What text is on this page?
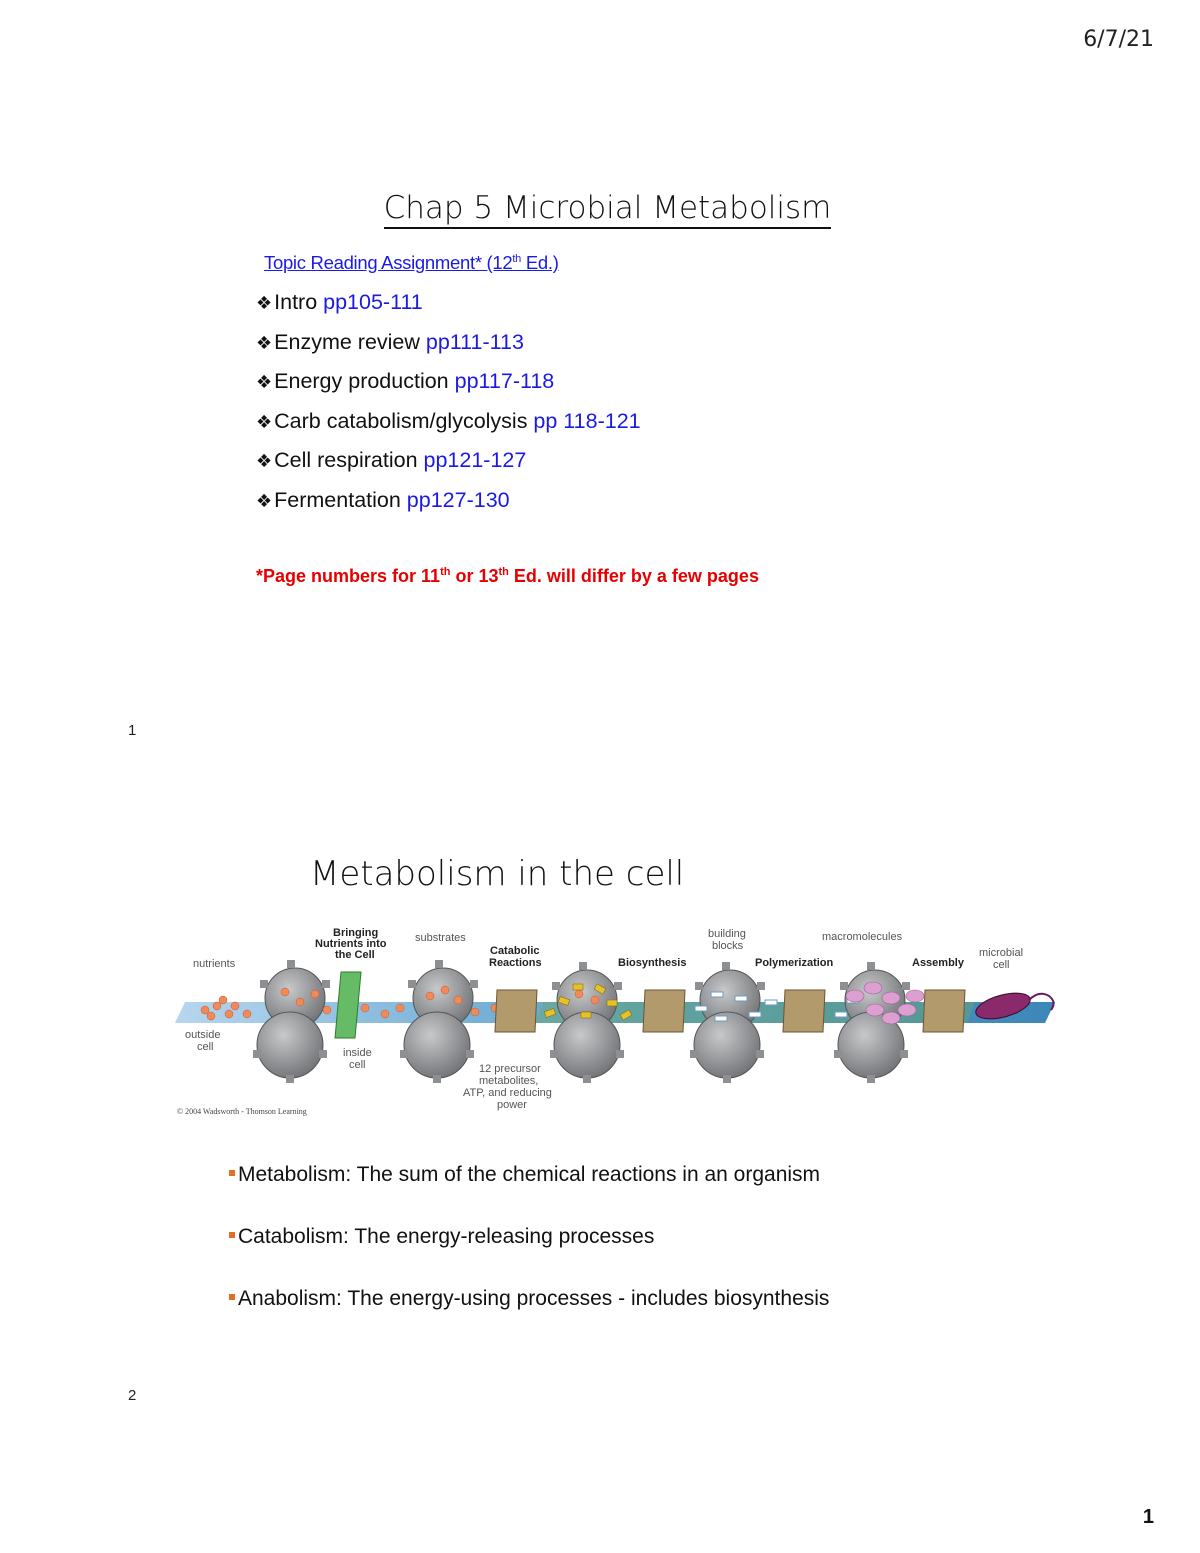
6/7/21
Chap 5 Microbial Metabolism
Topic Reading Assignment* (12th Ed.)
❖Intro pp105-111
❖Enzyme review pp111-113
❖Energy production pp117-118
❖Carb catabolism/glycolysis pp 118-121
❖Cell respiration pp121-127
❖Fermentation pp127-130
*Page numbers for 11th or 13th Ed. will differ by a few pages
1
Metabolism in the cell
nutrients
substrates
outside cell	inside cell
building blocks
macromolecules
microbial cell
12 precursor metabolites, ATP, and reducing power
Bringing Nutrients into the Cell	Catabolic Reactions	Biosynthesis	Polymerization	Assembly
© 2004 Wadsworth - Thomson Learning
Metabolism: The sum of the chemical reactions in an organism
Catabolism: The energy-releasing processes
Anabolism: The energy-using processes - includes biosynthesis
2
1
